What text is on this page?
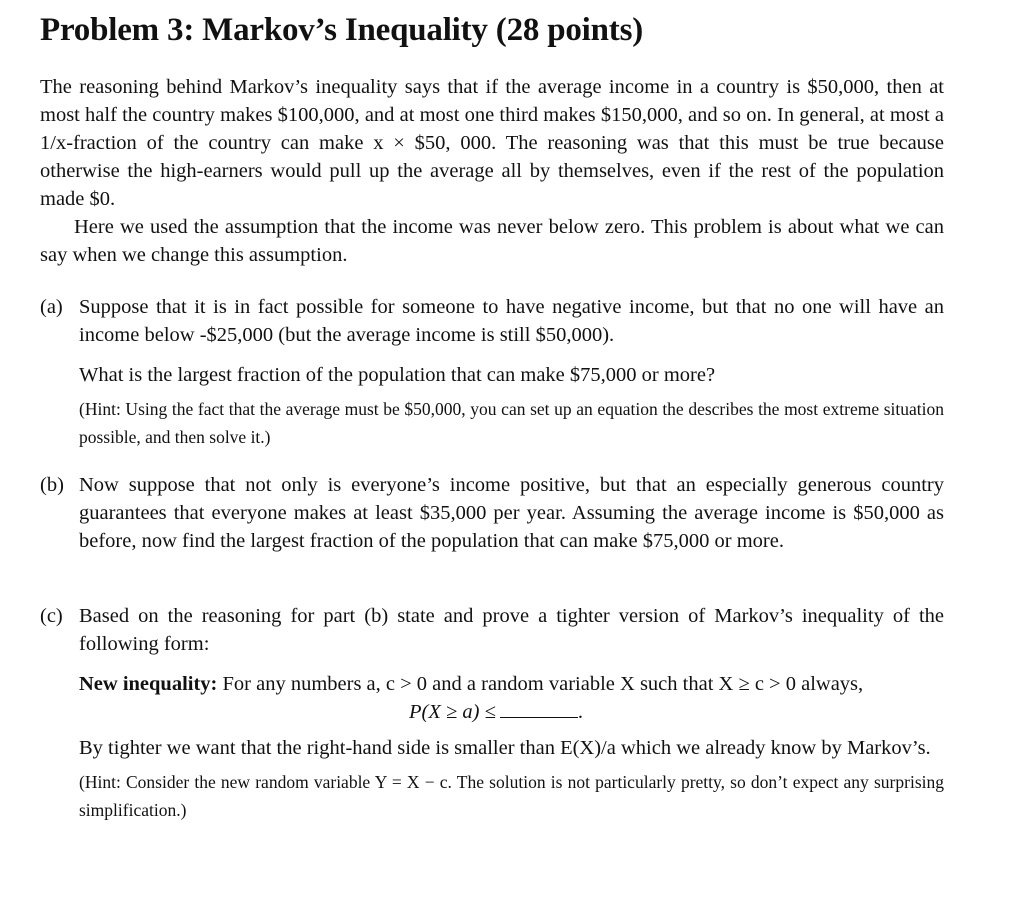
Problem 3: Markov’s Inequality (28 points)

The reasoning behind Markov’s inequality says that if the average income in a country is $50,000, then at most half the country makes $100,000, and at most one third makes $150,000, and so on. In general, at most a 1/x-fraction of the country can make x × $50, 000. The reasoning was that this must be true because otherwise the high-earners would pull up the average all by themselves, even if the rest of the population made $0.

Here we used the assumption that the income was never below zero. This problem is about what we can say when we change this assumption.

(a) Suppose that it is in fact possible for someone to have negative income, but that no one will have an income below -$25,000 (but the average income is still $50,000).

What is the largest fraction of the population that can make $75,000 or more?

(Hint: Using the fact that the average must be $50,000, you can set up an equation the describes the most extreme situation possible, and then solve it.)

(b) Now suppose that not only is everyone’s income positive, but that an especially generous country guarantees that everyone makes at least $35,000 per year. Assuming the average income is $50,000 as before, now find the largest fraction of the population that can make $75,000 or more.

(c) Based on the reasoning for part (b) state and prove a tighter version of Markov’s inequality of the following form:

New inequality: For any numbers a, c > 0 and a random variable X such that X ≥ c > 0 always,

P(X ≥ a) ≤	.

By tighter we want that the right-hand side is smaller than E(X)/a which we already know by Markov’s.

(Hint: Consider the new random variable Y = X − c. The solution is not particularly pretty, so don’t expect any surprising simplification.)
